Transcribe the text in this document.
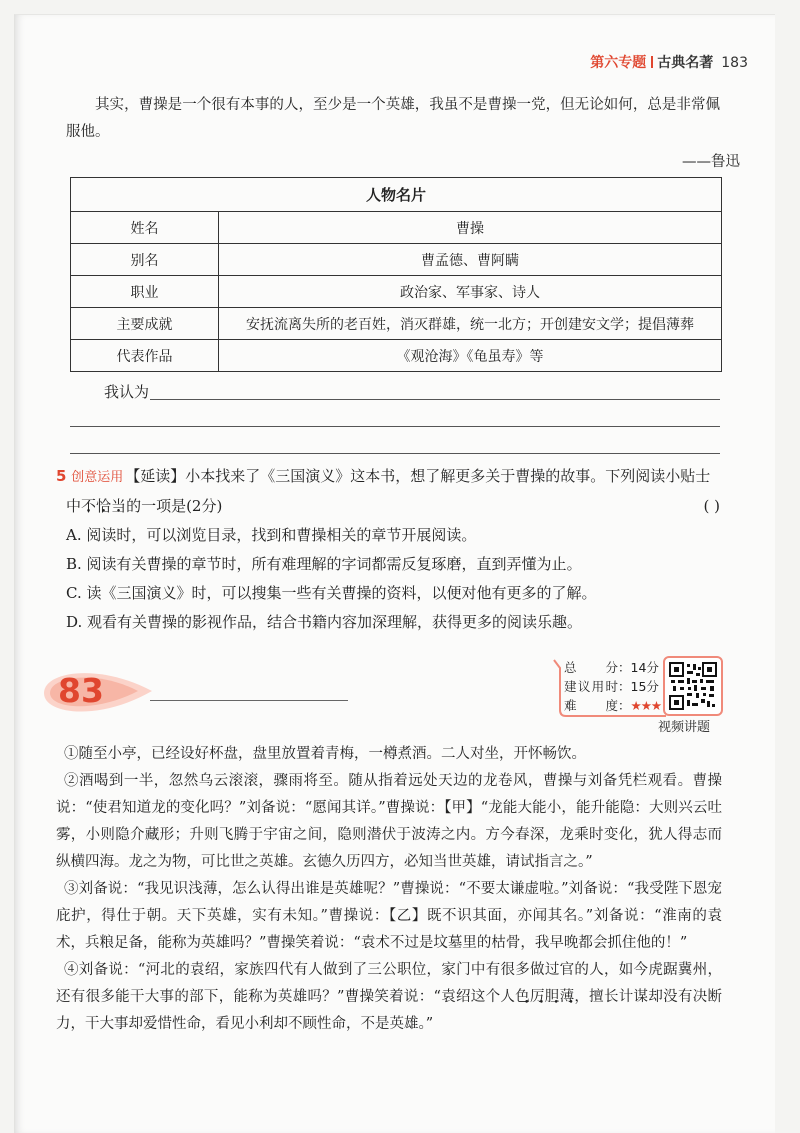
第六专题 古典名著 183
其实，曹操是一个很有本事的人，至少是一个英雄，我虽不是曹操一党，但无论如何，总是非常佩服他。
——鲁迅
人物名片	
姓名	曹操
别名	曹孟德、曹阿瞒
职业	政治家、军事家、诗人
主要成就	安抚流离失所的老百姓，消灭群雄，统一北方；开创建安文学；提倡薄葬
代表作品	《观沧海》《龟虽寿》等
我认为
5 创意运用 【延读】小本找来了《三国演义》这本书，想了解更多关于曹操的故事。下列阅读小贴士
中不恰当的一项是(2分)	( )
A. 阅读时，可以浏览目录，找到和曹操相关的章节开展阅读。
B. 阅读有关曹操的章节时，所有难理解的字词都需反复琢磨，直到弄懂为止。
C. 读《三国演义》时，可以搜集一些有关曹操的资料，以便对他有更多的了解。
D. 观看有关曹操的影视作品，结合书籍内容加深理解，获得更多的阅读乐趣。
83
总分：14分
建议用时：15分
难度：★★★
视频讲题

①随至小亭，已经设好杯盘，盘里放置着青梅，一樽煮酒。二人对坐，开怀畅饮。

②酒喝到一半，忽然乌云滚滚，骤雨将至。随从指着远处天边的龙卷风，曹操与刘备凭栏观看。曹操说：“使君知道龙的变化吗？”刘备说：“愿闻其详。”曹操说：【甲】“龙能大能小，能升能隐：大则兴云吐雾，小则隐介藏形；升则飞腾于宇宙之间，隐则潜伏于波涛之内。方今春深，龙乘时变化，犹人得志而纵横四海。龙之为物，可比世之英雄。玄德久历四方，必知当世英雄，请试指言之。”

③刘备说：“我见识浅薄，怎么认得出谁是英雄呢？”曹操说：“不要太谦虚啦。”刘备说：“我受陛下恩宠庇护，得仕于朝。天下英雄，实有未知。”曹操说：【乙】既不识其面，亦闻其名。”刘备说：“淮南的袁术，兵粮足备，能称为英雄吗？”曹操笑着说：“袁术不过是坟墓里的枯骨，我早晚都会抓住他的！”

④刘备说：“河北的袁绍，家族四代有人做到了三公职位，家门中有很多做过官的人，如今虎踞冀州，还有很多能干大事的部下，能称为英雄吗？”曹操笑着说：“袁绍这个人色厉胆薄，擅长计谋却没有决断力，干大事却爱惜性命，看见小利却不顾性命，不是英雄。”
